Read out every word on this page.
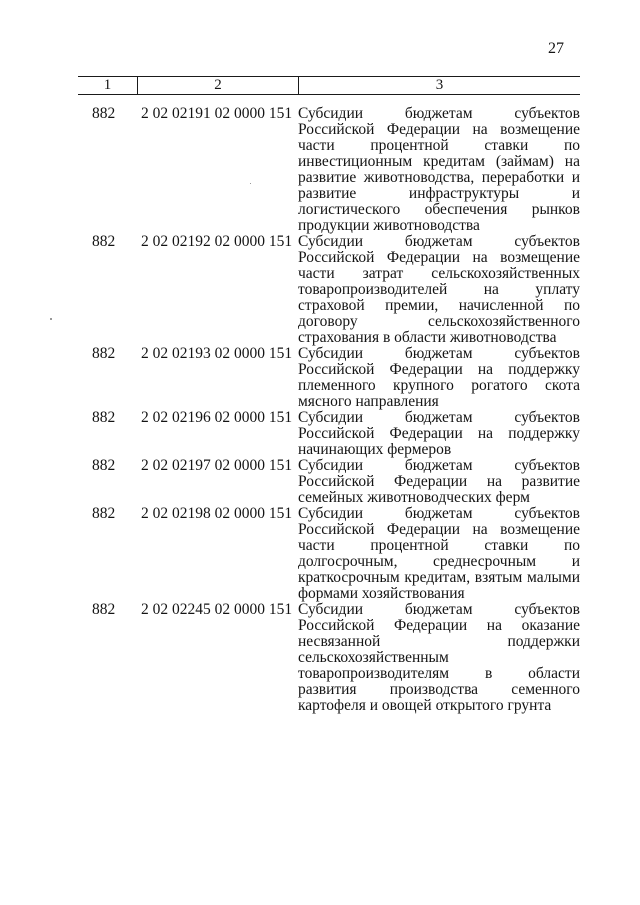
27
1	2	3
882	2 02 02191 02 0000 151 Субсидии бюджетам субъектов
Российской Федерации на возмещение
части процентной ставки по
инвестиционным кредитам (займам) на
развитие животноводства, переработки и
развитие инфраструктуры и
логистического обеспечения рынков
продукции животноводства
882	2 02 02192 02 0000 151 Субсидии бюджетам субъектов
Российской Федерации на возмещение
части затрат сельскохозяйственных
товаропроизводителей на уплату
страховой премии, начисленной по
договору сельскохозяйственного
страхования в области животноводства
882	2 02 02193 02 0000 151 Субсидии бюджетам субъектов
Российской Федерации на поддержку
племенного крупного рогатого скота
мясного направления
882	2 02 02196 02 0000 151 Субсидии бюджетам субъектов
Российской Федерации на поддержку
начинающих фермеров
882	2 02 02197 02 0000 151 Субсидии бюджетам субъектов
Российской Федерации на развитие
семейных животноводческих ферм
882	2 02 02198 02 0000 151 Субсидии бюджетам субъектов
Российской Федерации на возмещение
части процентной ставки по
долгосрочным, среднесрочным и
краткосрочным кредитам, взятым малыми
формами хозяйствования
882	2 02 02245 02 0000 151 Субсидии бюджетам субъектов
Российской Федерации на оказание
несвязанной поддержки
сельскохозяйственным
товаропроизводителям в области
развития производства семенного
картофеля и овощей открытого грунта
